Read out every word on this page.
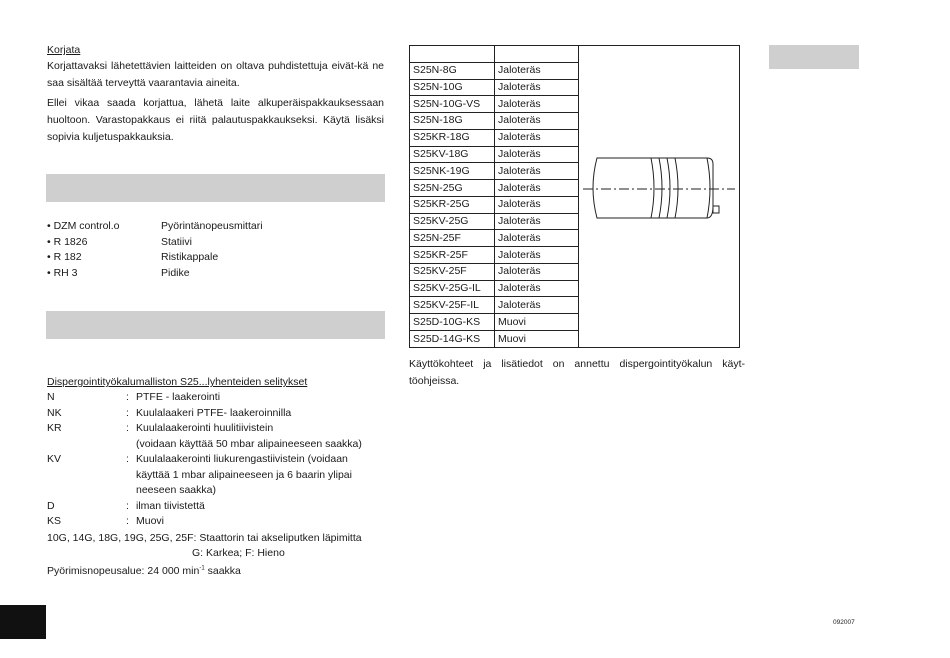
Korjata
Korjattavaksi lähetettävien laitteiden on oltava puhdistettuja eivät-kä ne saa sisältää terveyttä vaarantavia aineita.
Ellei vikaa saada korjattua, lähetä laite alkuperäispakkauksessaan huoltoon. Varastopakkaus ei riitä palautuspakkaukseksi. Käytä lisäksi sopivia kuljetuspakkauksia.
• DZM control.o	Pyörintänopeusmittari
• R 1826	Statiivi
• R 182	Ristikappale
• RH 3	Pidike
Dispergointityökalumalliston S25...lyhenteiden selitykset
N	: PTFE - laakerointi
NK	: Kuulalaakeri PTFE- laakeroinnilla
KR	: Kuulalaakerointi huulitiivistein
(voidaan käyttää 50 mbar alipaineeseen saakka)
KV	: Kuulalaakerointi liukurengastiivistein (voidaan
käyttää 1 mbar alipaineeseen ja 6 baarin ylipai
neeseen saakka)
D	: ilman tiivistettä
KS	: Muovi
10G, 14G, 18G, 19G, 25G, 25F: Staattorin tai akseliputken läpimitta
G: Karkea; F: Hieno
Pyörimisnopeusalue: 24 000 $\min^{-1}$ saakka

S25N-8G	Jaloteräs	
S25N-10G	Jaloteräs	
S25N-10G-VS	Jaloteräs	
S25N-18G	Jaloteräs	
S25KR-18G	Jaloteräs	
S25KV-18G	Jaloteräs	
S25NK-19G	Jaloteräs	
S25N-25G	Jaloteräs	
S25KR-25G	Jaloteräs	
S25KV-25G	Jaloteräs	
S25N-25F	Jaloteräs	
S25KR-25F	Jaloteräs	
S25KV-25F	Jaloteräs	
S25KV-25G-IL	Jaloteräs	
S25KV-25F-IL	Jaloteräs	
S25D-10G-KS	Muovi	
S25D-14G-KS	Muovi	
Käyttökohteet ja lisätiedot on annettu dispergointityökalun käyt-töohjeissa.
092007
